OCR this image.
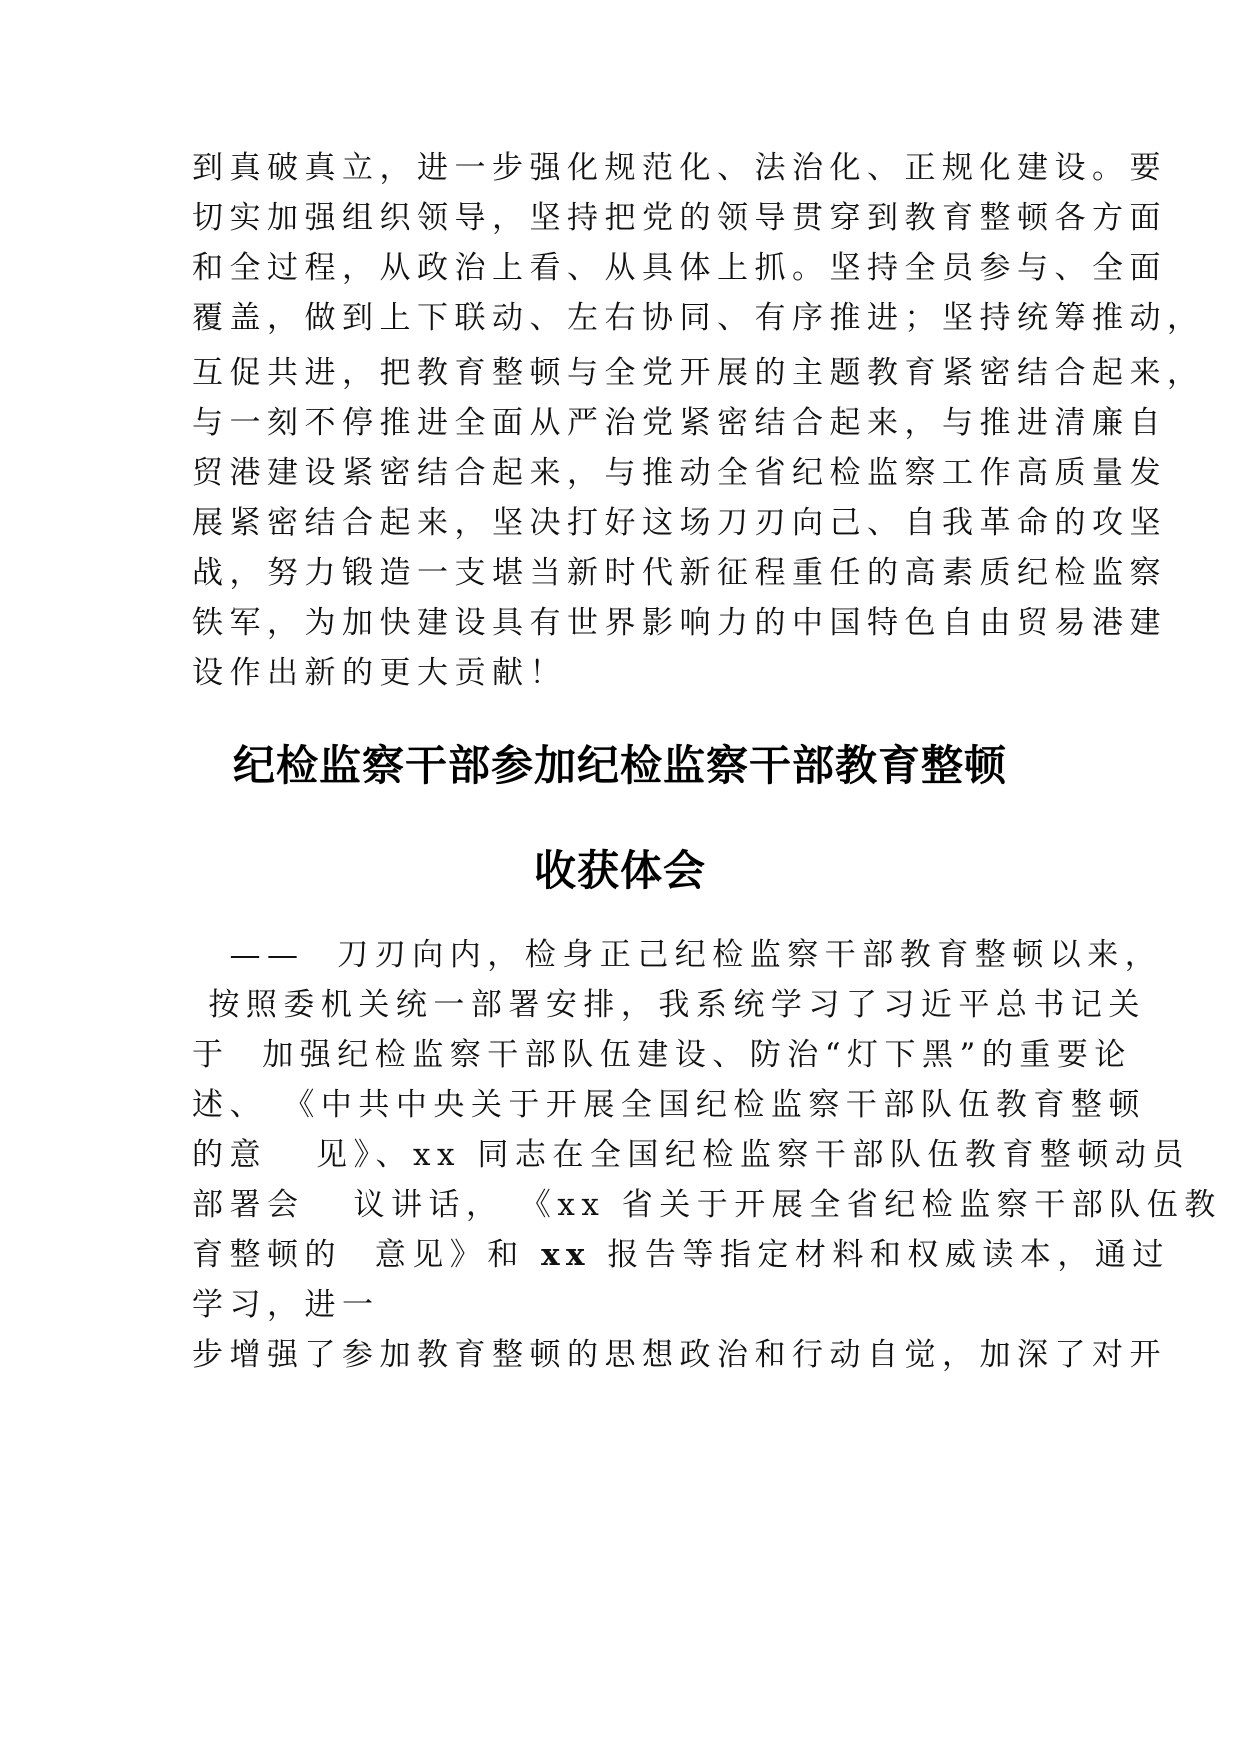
到真破真立，进一步强化规范化、法治化、正规化建设。要
切实加强组织领导，坚持把党的领导贯穿到教育整顿各方面
和全过程，从政治上看、从具体上抓。坚持全员参与、全面
覆盖，做到上下联动、左右协同、有序推进；坚持统筹推动，
互促共进，把教育整顿与全党开展的主题教育紧密结合起来，
与一刻不停推进全面从严治党紧密结合起来，与推进清廉自
贸港建设紧密结合起来，与推动全省纪检监察工作高质量发
展紧密结合起来，坚决打好这场刀刃向己、自我革命的攻坚
战，努力锻造一支堪当新时代新征程重任的高素质纪检监察
铁军，为加快建设具有世界影响力的中国特色自由贸易港建
设作出新的更大贡献！
纪检监察干部参加纪检监察干部教育整顿
收获体会
　——  刀刃向内，检身正己纪检监察干部教育整顿以来，
按照委机关统一部署安排，我系统学习了习近平总书记关
于  加强纪检监察干部队伍建设、防治“灯下黑”的重要论
述、 《中共中央关于开展全国纪检监察干部队伍教育整顿
的意   见》、xx 同志在全国纪检监察干部队伍教育整顿动员
部署会   议讲话， 《xx 省关于开展全省纪检监察干部队伍教
育整顿的  意见》和 xx 报告等指定材料和权威读本，通过
学习，进一
步增强了参加教育整顿的思想政治和行动自觉，加深了对开
